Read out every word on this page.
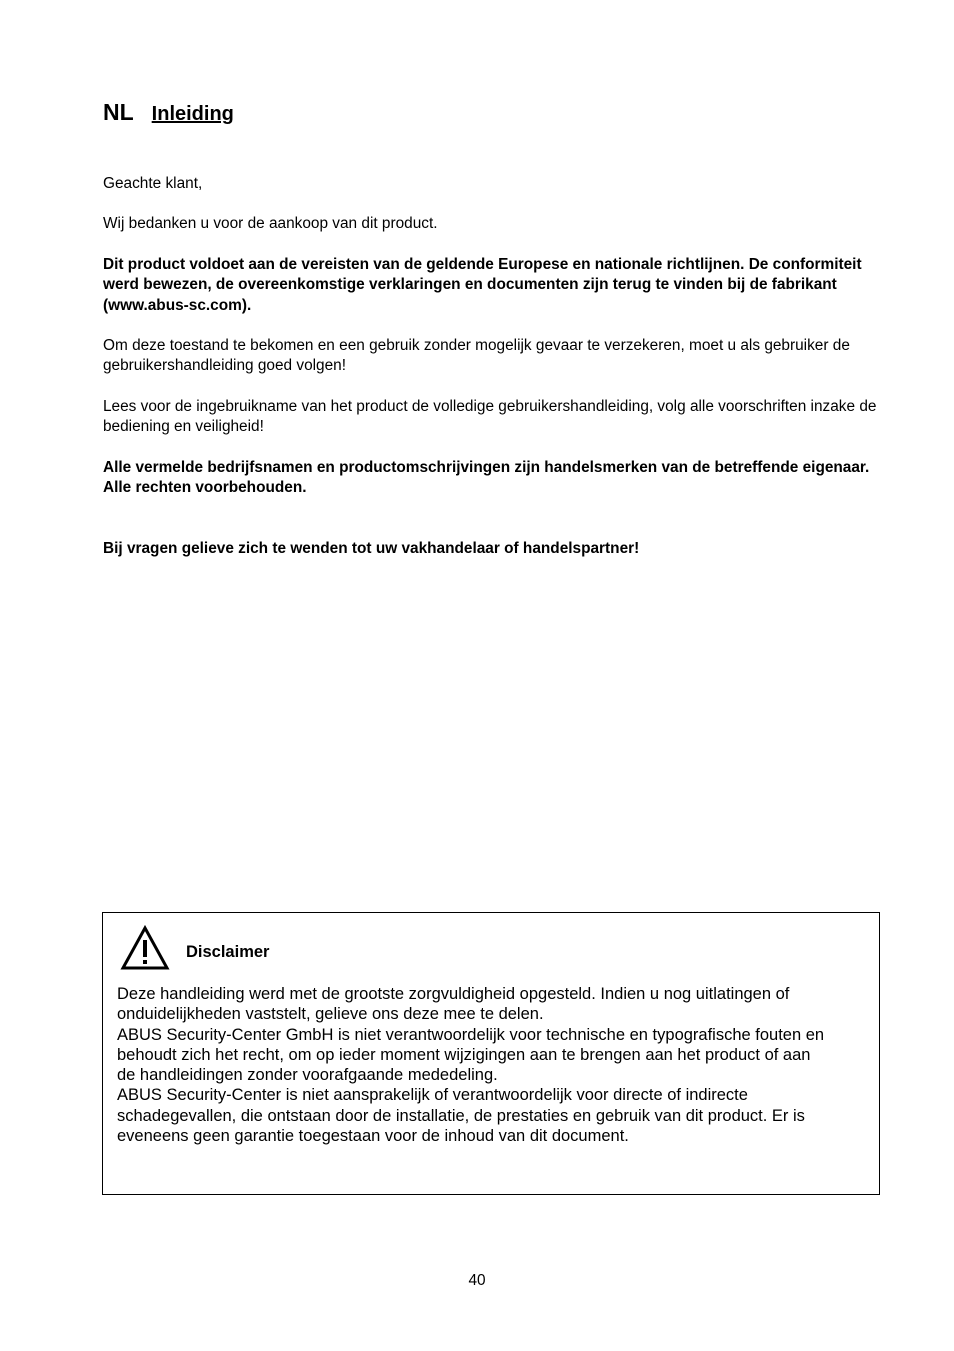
NL Inleiding

Geachte klant,

Wij bedanken u voor de aankoop van dit product.

Dit product voldoet aan de vereisten van de geldende Europese en nationale richtlijnen. De conformiteit werd bewezen, de overeenkomstige verklaringen en documenten zijn terug te vinden bij de fabrikant (www.abus-sc.com).

Om deze toestand te bekomen en een gebruik zonder mogelijk gevaar te verzekeren, moet u als gebruiker de gebruikershandleiding goed volgen!

Lees voor de ingebruikname van het product de volledige gebruikershandleiding, volg alle voorschriften inzake de bediening en veiligheid!

Alle vermelde bedrijfsnamen en productomschrijvingen zijn handelsmerken van de betreffende eigenaar. Alle rechten voorbehouden.

Bij vragen gelieve zich te wenden tot uw vakhandelaar of handelspartner!

Disclaimer

Deze handleiding werd met de grootste zorgvuldigheid opgesteld. Indien u nog uitlatingen of
onduidelijkheden vaststelt, gelieve ons deze mee te delen.
ABUS Security-Center GmbH is niet verantwoordelijk voor technische en typografische fouten en
behoudt zich het recht, om op ieder moment wijzigingen aan te brengen aan het product of aan
de handleidingen zonder voorafgaande mededeling.
ABUS Security-Center is niet aansprakelijk of verantwoordelijk voor directe of indirecte
schadegevallen, die ontstaan door de installatie, de prestaties en gebruik van dit product. Er is
eveneens geen garantie toegestaan voor de inhoud van dit document.

40
